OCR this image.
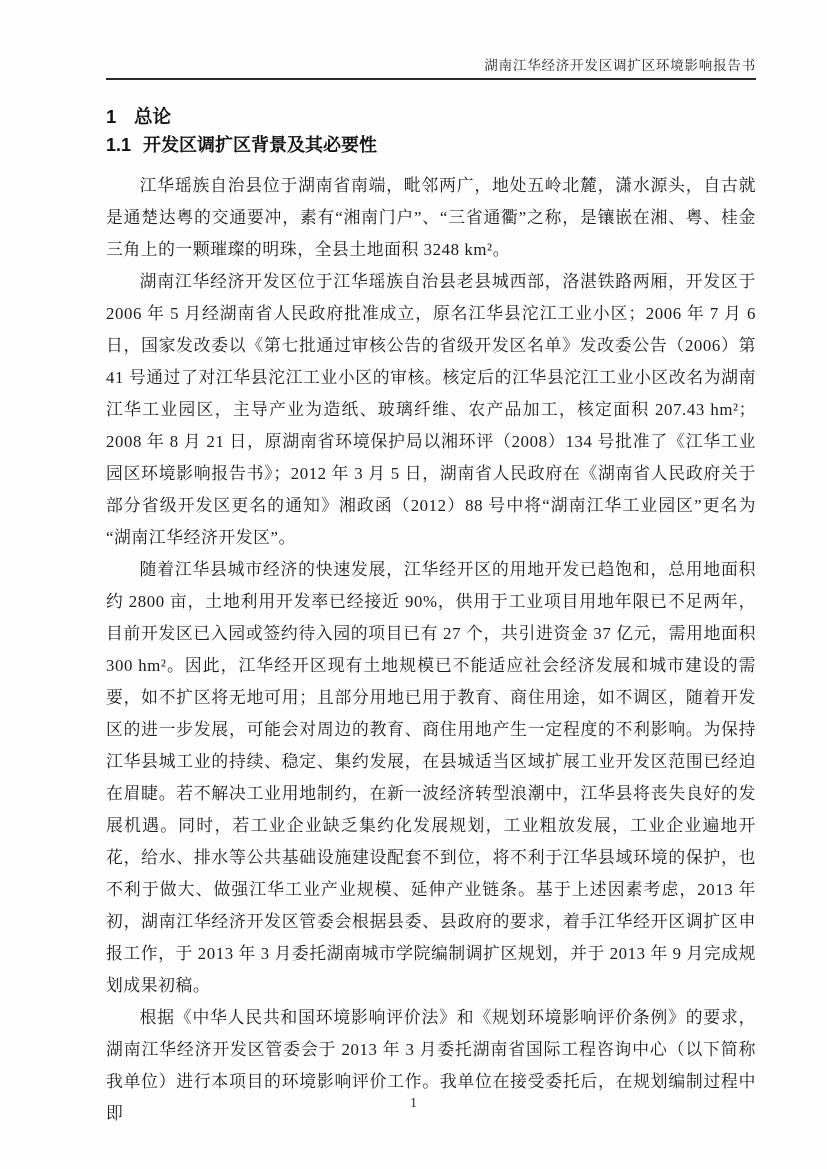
湖南江华经济开发区调扩区环境影响报告书
1 总论
1.1 开发区调扩区背景及其必要性

江华瑶族自治县位于湖南省南端，毗邻两广，地处五岭北麓，潇水源头，自古就是通楚达粤的交通要冲，素有“湘南门户”、“三省通衢”之称，是镶嵌在湘、粤、桂金三角上的一颗璀璨的明珠，全县土地面积 3248 km²。

湖南江华经济开发区位于江华瑶族自治县老县城西部，洛湛铁路两厢，开发区于 2006 年 5 月经湖南省人民政府批准成立，原名江华县沱江工业小区；2006 年 7 月 6 日，国家发改委以《第七批通过审核公告的省级开发区名单》发改委公告（2006）第 41 号通过了对江华县沱江工业小区的审核。核定后的江华县沱江工业小区改名为湖南江华工业园区，主导产业为造纸、玻璃纤维、农产品加工，核定面积 207.43 hm²；2008 年 8 月 21 日，原湖南省环境保护局以湘环评（2008）134 号批准了《江华工业园区环境影响报告书》；2012 年 3 月 5 日，湖南省人民政府在《湖南省人民政府关于部分省级开发区更名的通知》湘政函（2012）88 号中将“湖南江华工业园区”更名为“湖南江华经济开发区”。

随着江华县城市经济的快速发展，江华经开区的用地开发已趋饱和，总用地面积约 2800 亩，土地利用开发率已经接近 90%，供用于工业项目用地年限已不足两年，目前开发区已入园或签约待入园的项目已有 27 个，共引进资金 37 亿元，需用地面积 300 hm²。因此，江华经开区现有土地规模已不能适应社会经济发展和城市建设的需要，如不扩区将无地可用；且部分用地已用于教育、商住用途，如不调区，随着开发区的进一步发展，可能会对周边的教育、商住用地产生一定程度的不利影响。为保持江华县城工业的持续、稳定、集约发展，在县城适当区域扩展工业开发区范围已经迫在眉睫。若不解决工业用地制约，在新一波经济转型浪潮中，江华县将丧失良好的发展机遇。同时，若工业企业缺乏集约化发展规划，工业粗放发展，工业企业遍地开花，给水、排水等公共基础设施建设配套不到位，将不利于江华县域环境的保护，也不利于做大、做强江华工业产业规模、延伸产业链条。基于上述因素考虑，2013 年初，湖南江华经济开发区管委会根据县委、县政府的要求，着手江华经开区调扩区申报工作，于 2013 年 3 月委托湖南城市学院编制调扩区规划，并于 2013 年 9 月完成规划成果初稿。

根据《中华人民共和国环境影响评价法》和《规划环境影响评价条例》的要求，湖南江华经济开发区管委会于 2013 年 3 月委托湖南省国际工程咨询中心（以下简称我单位）进行本项目的环境影响评价工作。我单位在接受委托后，在规划编制过程中即

1
